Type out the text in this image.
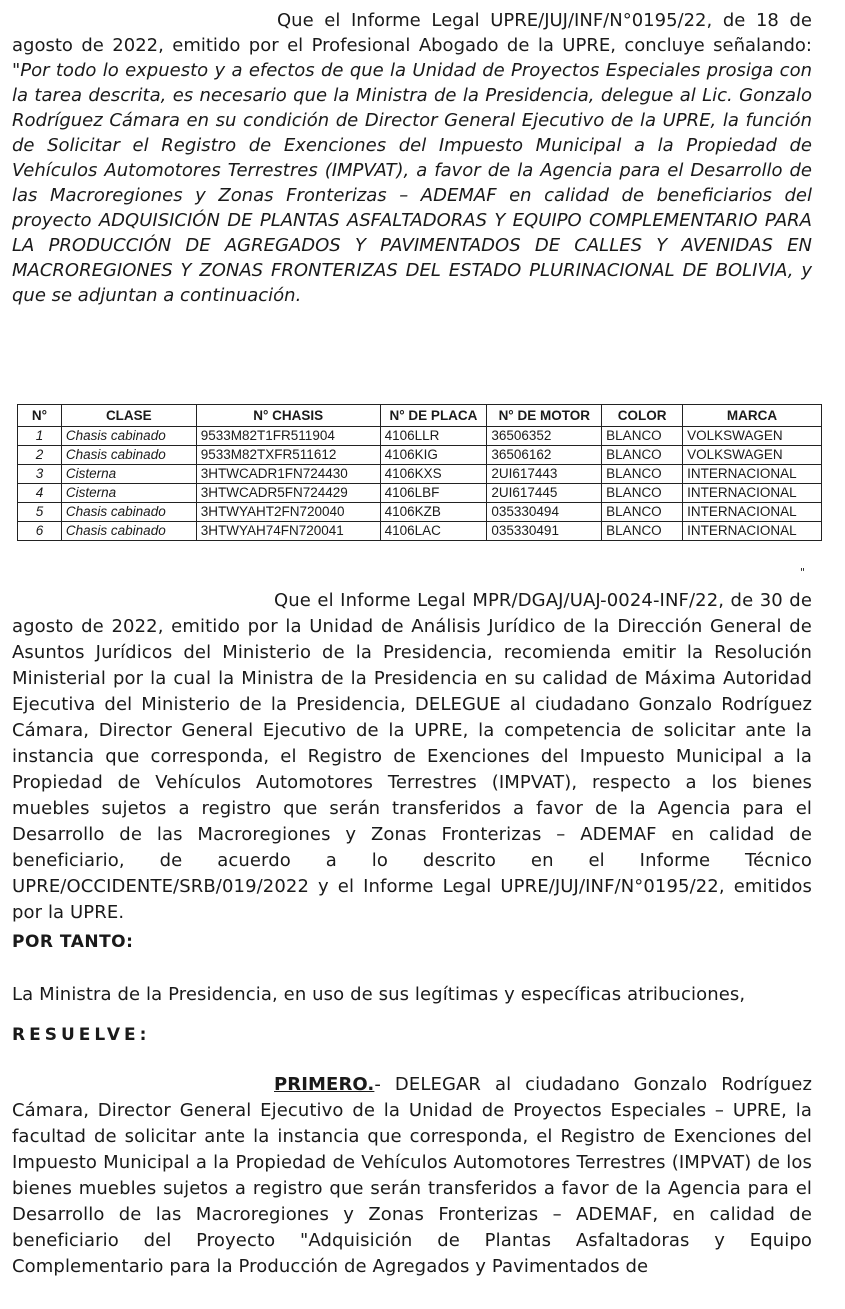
Que el Informe Legal UPRE/JUJ/INF/N°0195/22, de 18 de agosto de 2022, emitido por el Profesional Abogado de la UPRE, concluye señalando: "Por todo lo expuesto y a efectos de que la Unidad de Proyectos Especiales prosiga con la tarea descrita, es necesario que la Ministra de la Presidencia, delegue al Lic. Gonzalo Rodríguez Cámara en su condición de Director General Ejecutivo de la UPRE, la función de Solicitar el Registro de Exenciones del Impuesto Municipal a la Propiedad de Vehículos Automotores Terrestres (IMPVAT), a favor de la Agencia para el Desarrollo de las Macroregiones y Zonas Fronterizas – ADEMAF en calidad de beneficiarios del proyecto ADQUISICIÓN DE PLANTAS ASFALTADORAS Y EQUIPO COMPLEMENTARIO PARA LA PRODUCCIÓN DE AGREGADOS Y PAVIMENTADOS DE CALLES Y AVENIDAS EN MACROREGIONES Y ZONAS FRONTERIZAS DEL ESTADO PLURINACIONAL DE BOLIVIA, y que se adjuntan a continuación.

N°	CLASE	N° CHASIS	N° DE PLACA	N° DE MOTOR	COLOR	MARCA
1	Chasis cabinado	9533M82T1FR511904	4106LLR	36506352	BLANCO	VOLKSWAGEN
2	Chasis cabinado	9533M82TXFR511612	4106KIG	36506162	BLANCO	VOLKSWAGEN
3	Cisterna	3HTWCADR1FN724430	4106KXS	2UI617443	BLANCO	INTERNACIONAL
4	Cisterna	3HTWCADR5FN724429	4106LBF	2UI617445	BLANCO	INTERNACIONAL
5	Chasis cabinado	3HTWYAHT2FN720040	4106KZB	035330494	BLANCO	INTERNACIONAL
6	Chasis cabinado	3HTWYAH74FN720041	4106LAC	035330491	BLANCO	INTERNACIONAL
"

Que el Informe Legal MPR/DGAJ/UAJ-0024-INF/22, de 30 de agosto de 2022, emitido por la Unidad de Análisis Jurídico de la Dirección General de Asuntos Jurídicos del Ministerio de la Presidencia, recomienda emitir la Resolución Ministerial por la cual la Ministra de la Presidencia en su calidad de Máxima Autoridad Ejecutiva del Ministerio de la Presidencia, DELEGUE al ciudadano Gonzalo Rodríguez Cámara, Director General Ejecutivo de la UPRE, la competencia de solicitar ante la instancia que corresponda, el Registro de Exenciones del Impuesto Municipal a la Propiedad de Vehículos Automotores Terrestres (IMPVAT), respecto a los bienes muebles sujetos a registro que serán transferidos a favor de la Agencia para el Desarrollo de las Macroregiones y Zonas Fronterizas – ADEMAF en calidad de beneficiario, de acuerdo a lo descrito en el Informe Técnico UPRE/OCCIDENTE/SRB/019/2022 y el Informe Legal UPRE/JUJ/INF/N°0195/22, emitidos por la UPRE.

POR TANTO:

La Ministra de la Presidencia, en uso de sus legítimas y específicas atribuciones,

RESUELVE:

PRIMERO.- DELEGAR al ciudadano Gonzalo Rodríguez Cámara, Director General Ejecutivo de la Unidad de Proyectos Especiales – UPRE, la facultad de solicitar ante la instancia que corresponda, el Registro de Exenciones del Impuesto Municipal a la Propiedad de Vehículos Automotores Terrestres (IMPVAT) de los bienes muebles sujetos a registro que serán transferidos a favor de la Agencia para el Desarrollo de las Macroregiones y Zonas Fronterizas – ADEMAF, en calidad de beneficiario del Proyecto "Adquisición de Plantas Asfaltadoras y Equipo Complementario para la Producción de Agregados y Pavimentados de
